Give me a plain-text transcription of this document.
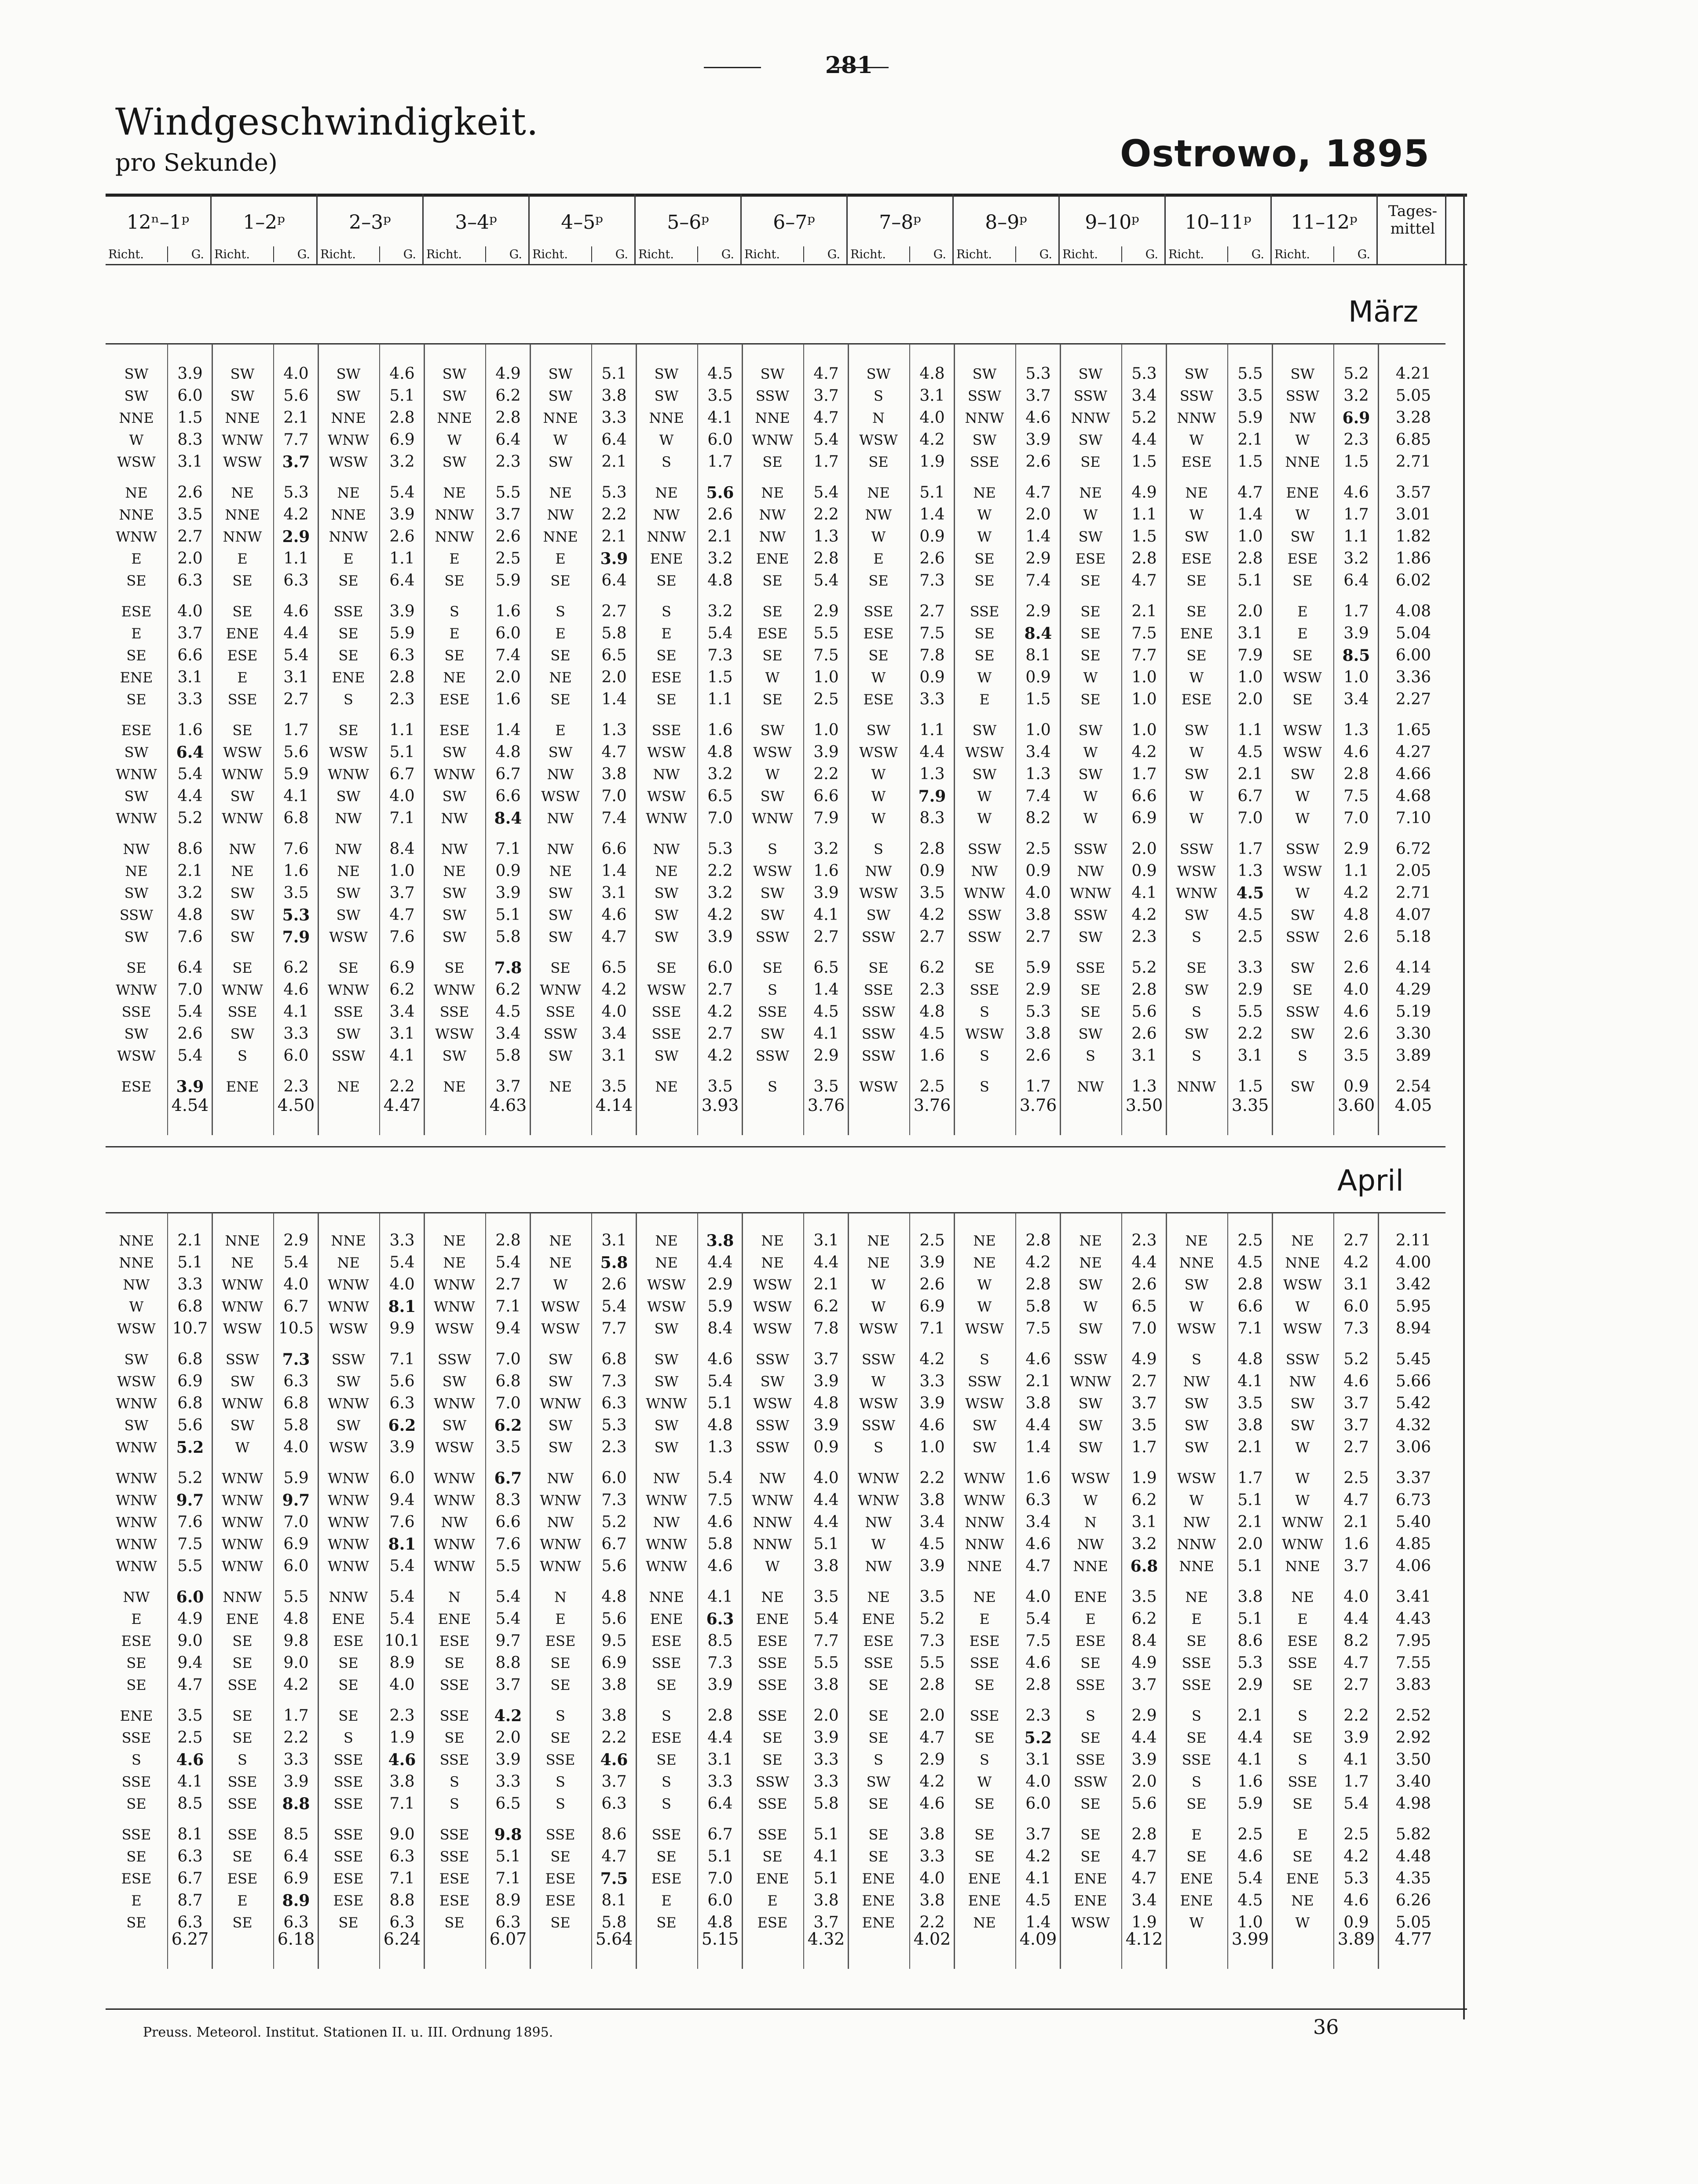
281
Windgeschwindigkeit.
pro Sekunde)	Ostrowo, 1895
12ⁿ–1ᵖ
Richt.	G.
1–2ᵖ
Richt.	G.
2–3ᵖ
Richt.	G.
3–4ᵖ
Richt.	G.
4–5ᵖ
Richt.	G.
5–6ᵖ
Richt.	G.
6–7ᵖ
Richt.	G.
7–8ᵖ
Richt.	G.
8–9ᵖ
Richt.	G.
9–10ᵖ
Richt.	G.
10–11ᵖ
Richt.	G.
11–12ᵖ
Richt.	G.
Tages-
mittel
März
SW	3.9	SW	4.0	SW	4.6	SW	4.9	SW	5.1	SW	4.5	SW	4.7	SW	4.8	SW	5.3	SW	5.3	SW	5.5	SW	5.2	4.21
SW	6.0	SW	5.6	SW	5.1	SW	6.2	SW	3.8	SW	3.5	SSW	3.7	S	3.1	SSW	3.7	SSW	3.4	SSW	3.5	SSW	3.2	5.05
NNE	1.5	NNE	2.1	NNE	2.8	NNE	2.8	NNE	3.3	NNE	4.1	NNE	4.7	N	4.0	NNW	4.6	NNW	5.2	NNW	5.9	NW	6.9	3.28
W	8.3	WNW	7.7	WNW	6.9	W	6.4	W	6.4	W	6.0	WNW	5.4	WSW	4.2	SW	3.9	SW	4.4	W	2.1	W	2.3	6.85
WSW	3.1	WSW	3.7	WSW	3.2	SW	2.3	SW	2.1	S	1.7	SE	1.7	SE	1.9	SSE	2.6	SE	1.5	ESE	1.5	NNE	1.5	2.71
NE	2.6	NE	5.3	NE	5.4	NE	5.5	NE	5.3	NE	5.6	NE	5.4	NE	5.1	NE	4.7	NE	4.9	NE	4.7	ENE	4.6	3.57
NNE	3.5	NNE	4.2	NNE	3.9	NNW	3.7	NW	2.2	NW	2.6	NW	2.2	NW	1.4	W	2.0	W	1.1	W	1.4	W	1.7	3.01
WNW	2.7	NNW	2.9	NNW	2.6	NNW	2.6	NNE	2.1	NNW	2.1	NW	1.3	W	0.9	W	1.4	SW	1.5	SW	1.0	SW	1.1	1.82
E	2.0	E	1.1	E	1.1	E	2.5	E	3.9	ENE	3.2	ENE	2.8	E	2.6	SE	2.9	ESE	2.8	ESE	2.8	ESE	3.2	1.86
SE	6.3	SE	6.3	SE	6.4	SE	5.9	SE	6.4	SE	4.8	SE	5.4	SE	7.3	SE	7.4	SE	4.7	SE	5.1	SE	6.4	6.02
ESE	4.0	SE	4.6	SSE	3.9	S	1.6	S	2.7	S	3.2	SE	2.9	SSE	2.7	SSE	2.9	SE	2.1	SE	2.0	E	1.7	4.08
E	3.7	ENE	4.4	SE	5.9	E	6.0	E	5.8	E	5.4	ESE	5.5	ESE	7.5	SE	8.4	SE	7.5	ENE	3.1	E	3.9	5.04
SE	6.6	ESE	5.4	SE	6.3	SE	7.4	SE	6.5	SE	7.3	SE	7.5	SE	7.8	SE	8.1	SE	7.7	SE	7.9	SE	8.5	6.00
ENE	3.1	E	3.1	ENE	2.8	NE	2.0	NE	2.0	ESE	1.5	W	1.0	W	0.9	W	0.9	W	1.0	W	1.0	WSW	1.0	3.36
SE	3.3	SSE	2.7	S	2.3	ESE	1.6	SE	1.4	SE	1.1	SE	2.5	ESE	3.3	E	1.5	SE	1.0	ESE	2.0	SE	3.4	2.27
ESE	1.6	SE	1.7	SE	1.1	ESE	1.4	E	1.3	SSE	1.6	SW	1.0	SW	1.1	SW	1.0	SW	1.0	SW	1.1	WSW	1.3	1.65
SW	6.4	WSW	5.6	WSW	5.1	SW	4.8	SW	4.7	WSW	4.8	WSW	3.9	WSW	4.4	WSW	3.4	W	4.2	W	4.5	WSW	4.6	4.27
WNW	5.4	WNW	5.9	WNW	6.7	WNW	6.7	NW	3.8	NW	3.2	W	2.2	W	1.3	SW	1.3	SW	1.7	SW	2.1	SW	2.8	4.66
SW	4.4	SW	4.1	SW	4.0	SW	6.6	WSW	7.0	WSW	6.5	SW	6.6	W	7.9	W	7.4	W	6.6	W	6.7	W	7.5	4.68
WNW	5.2	WNW	6.8	NW	7.1	NW	8.4	NW	7.4	WNW	7.0	WNW	7.9	W	8.3	W	8.2	W	6.9	W	7.0	W	7.0	7.10
NW	8.6	NW	7.6	NW	8.4	NW	7.1	NW	6.6	NW	5.3	S	3.2	S	2.8	SSW	2.5	SSW	2.0	SSW	1.7	SSW	2.9	6.72
NE	2.1	NE	1.6	NE	1.0	NE	0.9	NE	1.4	NE	2.2	WSW	1.6	NW	0.9	NW	0.9	NW	0.9	WSW	1.3	WSW	1.1	2.05
SW	3.2	SW	3.5	SW	3.7	SW	3.9	SW	3.1	SW	3.2	SW	3.9	WSW	3.5	WNW	4.0	WNW	4.1	WNW	4.5	W	4.2	2.71
SSW	4.8	SW	5.3	SW	4.7	SW	5.1	SW	4.6	SW	4.2	SW	4.1	SW	4.2	SSW	3.8	SSW	4.2	SW	4.5	SW	4.8	4.07
SW	7.6	SW	7.9	WSW	7.6	SW	5.8	SW	4.7	SW	3.9	SSW	2.7	SSW	2.7	SSW	2.7	SW	2.3	S	2.5	SSW	2.6	5.18
SE	6.4	SE	6.2	SE	6.9	SE	7.8	SE	6.5	SE	6.0	SE	6.5	SE	6.2	SE	5.9	SSE	5.2	SE	3.3	SW	2.6	4.14
WNW	7.0	WNW	4.6	WNW	6.2	WNW	6.2	WNW	4.2	WSW	2.7	S	1.4	SSE	2.3	SSE	2.9	SE	2.8	SW	2.9	SE	4.0	4.29
SSE	5.4	SSE	4.1	SSE	3.4	SSE	4.5	SSE	4.0	SSE	4.2	SSE	4.5	SSW	4.8	S	5.3	SE	5.6	S	5.5	SSW	4.6	5.19
SW	2.6	SW	3.3	SW	3.1	WSW	3.4	SSW	3.4	SSE	2.7	SW	4.1	SSW	4.5	WSW	3.8	SW	2.6	SW	2.2	SW	2.6	3.30
WSW	5.4	S	6.0	SSW	4.1	SW	5.8	SW	3.1	SW	4.2	SSW	2.9	SSW	1.6	S	2.6	S	3.1	S	3.1	S	3.5	3.89
ESE	3.9	ENE	2.3	NE	2.2	NE	3.7	NE	3.5	NE	3.5	S	3.5	WSW	2.5	S	1.7	NW	1.3	NNW	1.5	SW	0.9	2.54
4.54	4.50	4.47	4.63	4.14	3.93	3.76	3.76	3.76	3.50	3.35	3.60	4.05
April
NNE	2.1	NNE	2.9	NNE	3.3	NE	2.8	NE	3.1	NE	3.8	NE	3.1	NE	2.5	NE	2.8	NE	2.3	NE	2.5	NE	2.7	2.11
NNE	5.1	NE	5.4	NE	5.4	NE	5.4	NE	5.8	NE	4.4	NE	4.4	NE	3.9	NE	4.2	NE	4.4	NNE	4.5	NNE	4.2	4.00
NW	3.3	WNW	4.0	WNW	4.0	WNW	2.7	W	2.6	WSW	2.9	WSW	2.1	W	2.6	W	2.8	SW	2.6	SW	2.8	WSW	3.1	3.42
W	6.8	WNW	6.7	WNW	8.1	WNW	7.1	WSW	5.4	WSW	5.9	WSW	6.2	W	6.9	W	5.8	W	6.5	W	6.6	W	6.0	5.95
WSW	10.7	WSW	10.5	WSW	9.9	WSW	9.4	WSW	7.7	SW	8.4	WSW	7.8	WSW	7.1	WSW	7.5	SW	7.0	WSW	7.1	WSW	7.3	8.94
SW	6.8	SSW	7.3	SSW	7.1	SSW	7.0	SW	6.8	SW	4.6	SSW	3.7	SSW	4.2	S	4.6	SSW	4.9	S	4.8	SSW	5.2	5.45
WSW	6.9	SW	6.3	SW	5.6	SW	6.8	SW	7.3	SW	5.4	SW	3.9	W	3.3	SSW	2.1	WNW	2.7	NW	4.1	NW	4.6	5.66
WNW	6.8	WNW	6.8	WNW	6.3	WNW	7.0	WNW	6.3	WNW	5.1	WSW	4.8	WSW	3.9	WSW	3.8	SW	3.7	SW	3.5	SW	3.7	5.42
SW	5.6	SW	5.8	SW	6.2	SW	6.2	SW	5.3	SW	4.8	SSW	3.9	SSW	4.6	SW	4.4	SW	3.5	SW	3.8	SW	3.7	4.32
WNW	5.2	W	4.0	WSW	3.9	WSW	3.5	SW	2.3	SW	1.3	SSW	0.9	S	1.0	SW	1.4	SW	1.7	SW	2.1	W	2.7	3.06
WNW	5.2	WNW	5.9	WNW	6.0	WNW	6.7	NW	6.0	NW	5.4	NW	4.0	WNW	2.2	WNW	1.6	WSW	1.9	WSW	1.7	W	2.5	3.37
WNW	9.7	WNW	9.7	WNW	9.4	WNW	8.3	WNW	7.3	WNW	7.5	WNW	4.4	WNW	3.8	WNW	6.3	W	6.2	W	5.1	W	4.7	6.73
WNW	7.6	WNW	7.0	WNW	7.6	NW	6.6	NW	5.2	NW	4.6	NNW	4.4	NW	3.4	NNW	3.4	N	3.1	NW	2.1	WNW	2.1	5.40
WNW	7.5	WNW	6.9	WNW	8.1	WNW	7.6	WNW	6.7	WNW	5.8	NNW	5.1	W	4.5	NNW	4.6	NW	3.2	NNW	2.0	WNW	1.6	4.85
WNW	5.5	WNW	6.0	WNW	5.4	WNW	5.5	WNW	5.6	WNW	4.6	W	3.8	NW	3.9	NNE	4.7	NNE	6.8	NNE	5.1	NNE	3.7	4.06
NW	6.0	NNW	5.5	NNW	5.4	N	5.4	N	4.8	NNE	4.1	NE	3.5	NE	3.5	NE	4.0	ENE	3.5	NE	3.8	NE	4.0	3.41
E	4.9	ENE	4.8	ENE	5.4	ENE	5.4	E	5.6	ENE	6.3	ENE	5.4	ENE	5.2	E	5.4	E	6.2	E	5.1	E	4.4	4.43
ESE	9.0	SE	9.8	ESE	10.1	ESE	9.7	ESE	9.5	ESE	8.5	ESE	7.7	ESE	7.3	ESE	7.5	ESE	8.4	SE	8.6	ESE	8.2	7.95
SE	9.4	SE	9.0	SE	8.9	SE	8.8	SE	6.9	SSE	7.3	SSE	5.5	SSE	5.5	SSE	4.6	SE	4.9	SSE	5.3	SSE	4.7	7.55
SE	4.7	SSE	4.2	SE	4.0	SSE	3.7	SE	3.8	SE	3.9	SSE	3.8	SE	2.8	SE	2.8	SSE	3.7	SSE	2.9	SE	2.7	3.83
ENE	3.5	SE	1.7	SE	2.3	SSE	4.2	S	3.8	S	2.8	SSE	2.0	SE	2.0	SSE	2.3	S	2.9	S	2.1	S	2.2	2.52
SSE	2.5	SE	2.2	S	1.9	SE	2.0	SE	2.2	ESE	4.4	SE	3.9	SE	4.7	SE	5.2	SE	4.4	SE	4.4	SE	3.9	2.92
S	4.6	S	3.3	SSE	4.6	SSE	3.9	SSE	4.6	SE	3.1	SE	3.3	S	2.9	S	3.1	SSE	3.9	SSE	4.1	S	4.1	3.50
SSE	4.1	SSE	3.9	SSE	3.8	S	3.3	S	3.7	S	3.3	SSW	3.3	SW	4.2	W	4.0	SSW	2.0	S	1.6	SSE	1.7	3.40
SE	8.5	SSE	8.8	SSE	7.1	S	6.5	S	6.3	S	6.4	SSE	5.8	SE	4.6	SE	6.0	SE	5.6	SE	5.9	SE	5.4	4.98
SSE	8.1	SSE	8.5	SSE	9.0	SSE	9.8	SSE	8.6	SSE	6.7	SSE	5.1	SE	3.8	SE	3.7	SE	2.8	E	2.5	E	2.5	5.82
SE	6.3	SE	6.4	SSE	6.3	SSE	5.1	SE	4.7	SE	5.1	SE	4.1	SE	3.3	SE	4.2	SE	4.7	SE	4.6	SE	4.2	4.48
ESE	6.7	ESE	6.9	ESE	7.1	ESE	7.1	ESE	7.5	ESE	7.0	ENE	5.1	ENE	4.0	ENE	4.1	ENE	4.7	ENE	5.4	ENE	5.3	4.35
E	8.7	E	8.9	ESE	8.8	ESE	8.9	ESE	8.1	E	6.0	E	3.8	ENE	3.8	ENE	4.5	ENE	3.4	ENE	4.5	NE	4.6	6.26
SE	6.3	SE	6.3	SE	6.3	SE	6.3	SE	5.8	SE	4.8	ESE	3.7	ENE	2.2	NE	1.4	WSW	1.9	W	1.0	W	0.9	5.05
6.27	6.18	6.24	6.07	5.64	5.15	4.32	4.02	4.09	4.12	3.99	3.89	4.77
Preuss. Meteorol. Institut. Stationen II. u. III. Ordnung 1895.	36
